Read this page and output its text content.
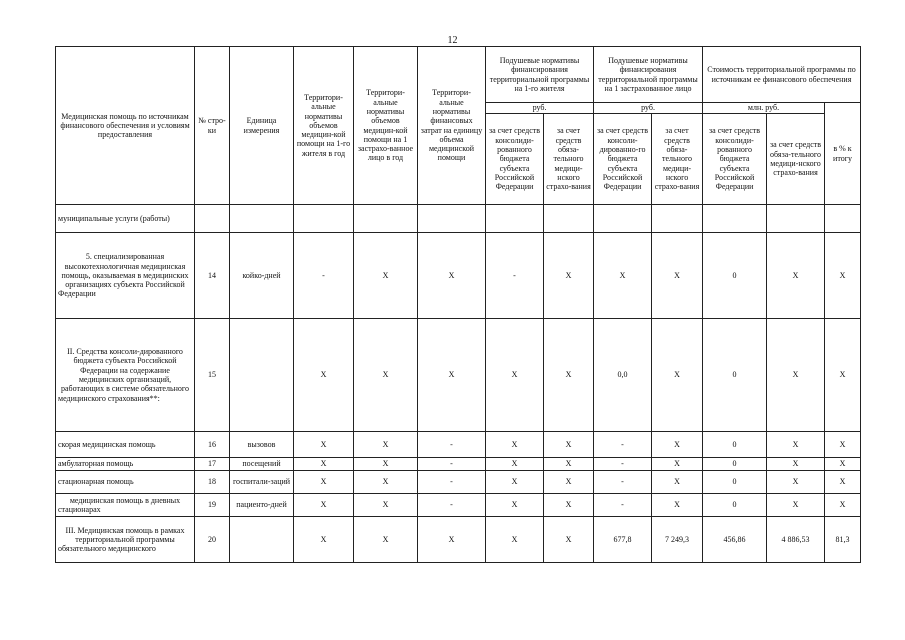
12
Медицинская помощь по источникам финансового обеспечения и условиям предоставления	№ стро-ки	Единица измерения	Территори-альные нормативы объемов медицин-кой помощи на 1-го жителя в год	Территори-альные нормативы объемов медицин-кой помощи на 1 застрахо-ванное лицо в год	Территори-альные нормативы финансовых затрат на единицу объема медицинской помощи	Подушевые нормативы финансирования территориальной программы на 1-го жителя		Подушевые нормативы финансирования территориальной программы на 1 застрахованное лицо		Стоимость территориальной программы по источникам ее финансового обеспечения		
						руб.		руб.		млн. руб.		в % к итогу
						за счет средств консолиди-рованного бюджета субъекта Российской Федерации	за счет средств обяза-тельного медици-нского страхо-вания	за счет средств консоли-дированно-го бюджета субъекта Российской Федерации	за счет средств обяза-тельного медици-нского страхо-вания	за счет средств консолиди-рованного бюджета субъекта Российской Федерации	за счет средств обяза-тельного медици-нского страхо-вания	
муниципальные услуги (работы)												
5. специализированная высокотехнологичная медицинская помощь, оказываемая в медицинских организациях субъекта Российской Федерации	14	койко-дней	-	Х	Х	-	Х	Х	Х	0	Х	Х
II. Средства консоли-дированного бюджета субъекта Российской Федерации на содержание медицинских организаций, работающих в системе обязательного медицинского страхования**:	15		Х	Х	Х	Х	Х	0,0	Х	0	Х	Х
скорая медицинская помощь	16	вызовов	Х	Х	-	Х	Х	-	Х	0	Х	Х
амбулаторная помощь	17	посещений	Х	Х	-	Х	Х	-	Х	0	Х	Х
стационарная помощь	18	госпитали-заций	Х	Х	-	Х	Х	-	Х	0	Х	Х
медицинская помощь в дневных стационарах	19	пациенто-дней	Х	Х	-	Х	Х	-	Х	0	Х	Х
III. Медицинская помощь в рамках территориальной программы обязательного медицинского	20		Х	Х	Х	Х	Х	677,8	7 249,3	456,86	4 886,53	81,3
